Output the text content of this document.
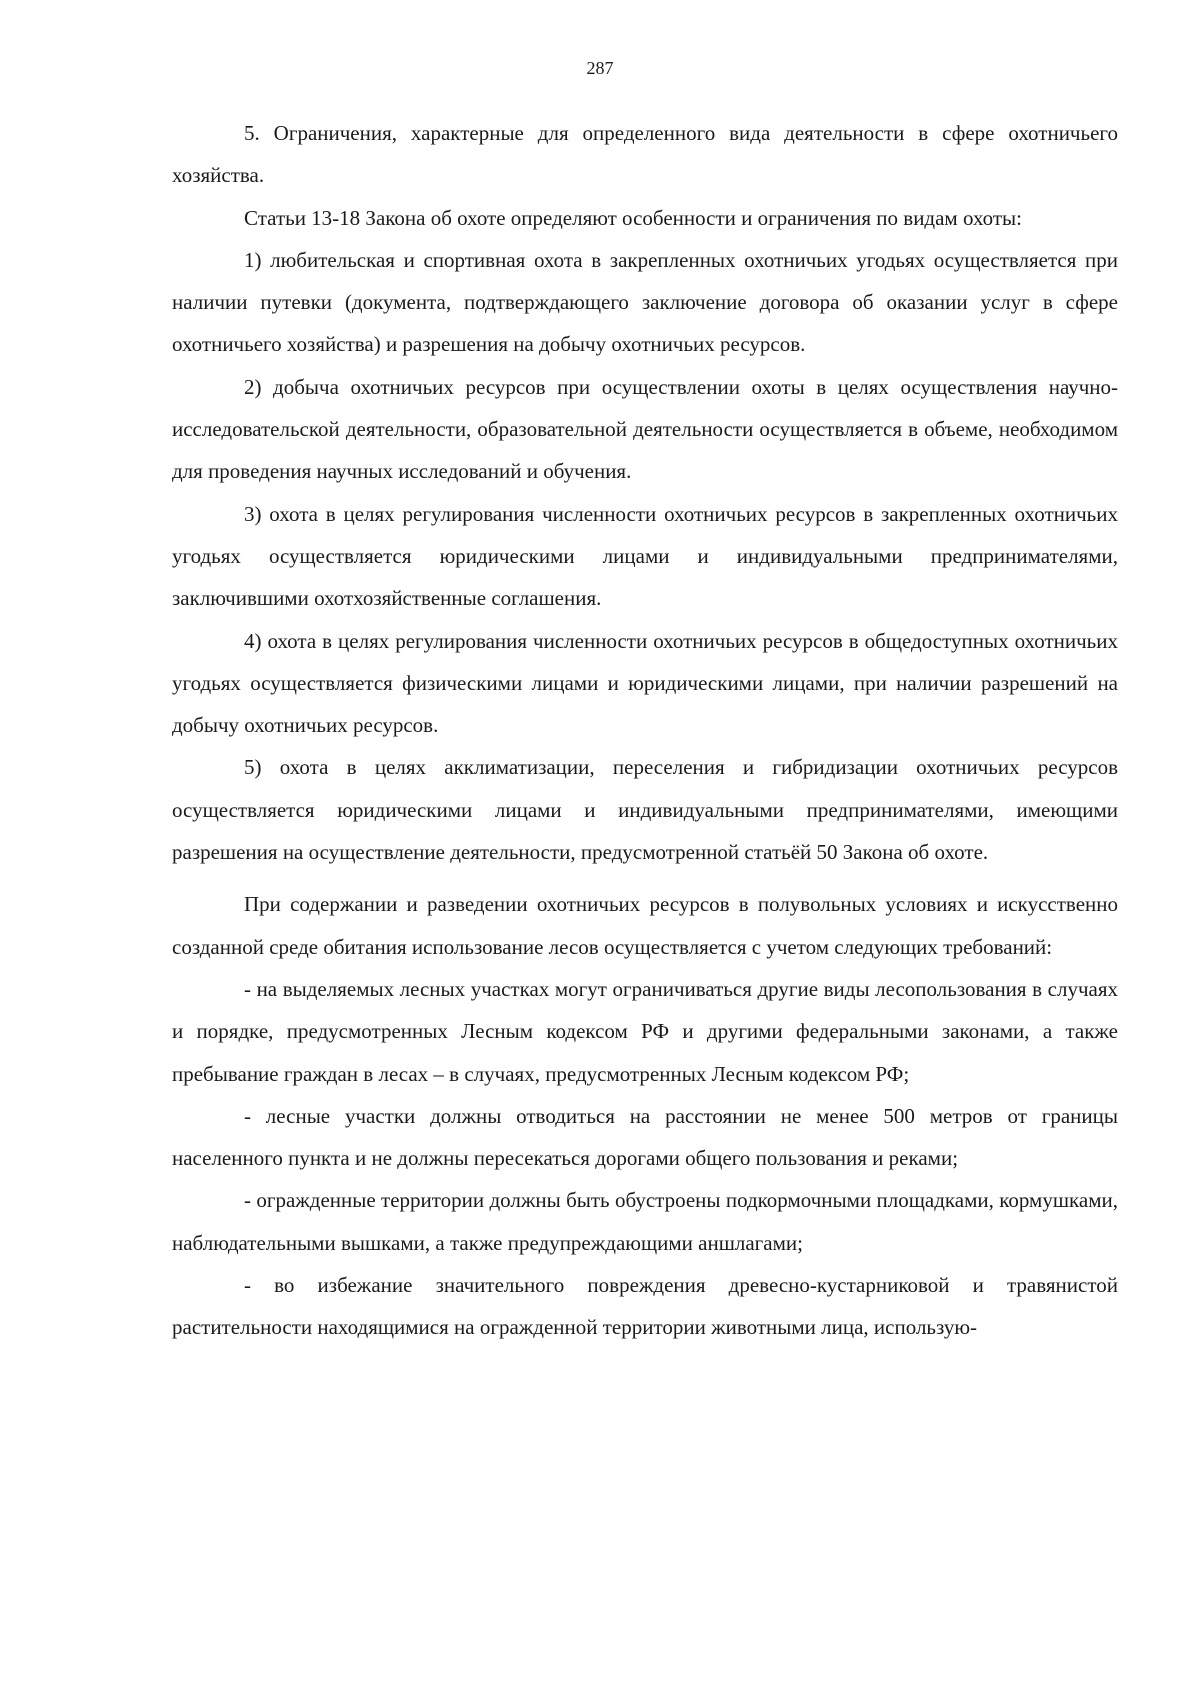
287

5. Ограничения, характерные для определенного вида деятельности в сфере охотничьего хозяйства.

Статьи 13-18 Закона об охоте определяют особенности и ограничения по видам охоты:

1) любительская и спортивная охота в закрепленных охотничьих угодьях осуществляется при наличии путевки (документа, подтверждающего заключение договора об оказании услуг в сфере охотничьего хозяйства) и разрешения на добычу охотничьих ресурсов.

2) добыча охотничьих ресурсов при осуществлении охоты в целях осуществления научно-исследовательской деятельности, образовательной деятельности осуществляется в объеме, необходимом для проведения научных исследований и обучения.

3) охота в целях регулирования численности охотничьих ресурсов в закрепленных охотничьих угодьях осуществляется юридическими лицами и индивидуальными предпринимателями, заключившими охотхозяйственные соглашения.

4) охота в целях регулирования численности охотничьих ресурсов в общедоступных охотничьих угодьях осуществляется физическими лицами и юридическими лицами, при наличии разрешений на добычу охотничьих ресурсов.

5) охота в целях акклиматизации, переселения и гибридизации охотничьих ресурсов осуществляется юридическими лицами и индивидуальными предпринимателями, имеющими разрешения на осуществление деятельности, предусмотренной статьёй 50 Закона об охоте.

При содержании и разведении охотничьих ресурсов в полувольных условиях и искусственно созданной среде обитания использование лесов осуществляется с учетом следующих требований:

- на выделяемых лесных участках могут ограничиваться другие виды лесопользования в случаях и порядке, предусмотренных Лесным кодексом РФ и другими федеральными законами, а также пребывание граждан в лесах – в случаях, предусмотренных Лесным кодексом РФ;

- лесные участки должны отводиться на расстоянии не менее 500 метров от границы населенного пункта и не должны пересекаться дорогами общего пользования и реками;

- огражденные территории должны быть обустроены подкормочными площадками, кормушками, наблюдательными вышками, а также предупреждающими аншлагами;

- во избежание значительного повреждения древесно-кустарниковой и травянистой растительности находящимися на огражденной территории животными лица, использую-
